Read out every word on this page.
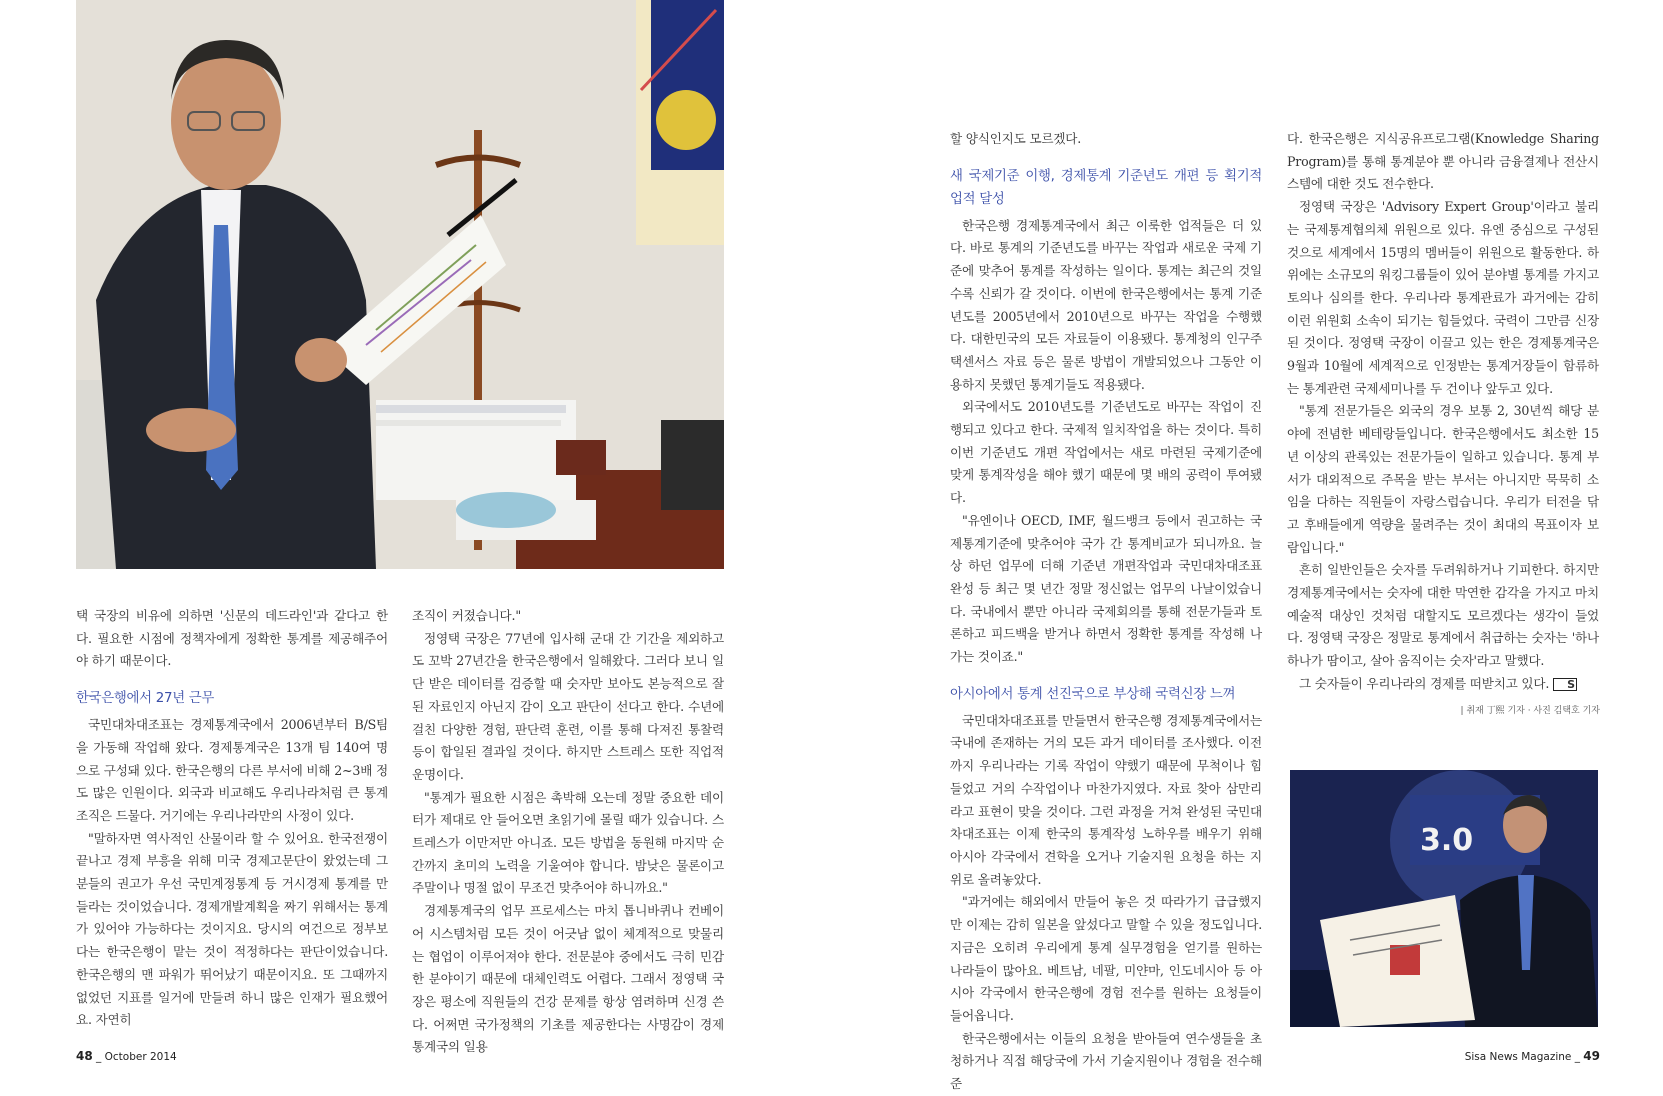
택 국장의 비유에 의하면 '신문의 데드라인'과 같다고 한다. 필요한 시점에 정책자에게 정확한 통계를 제공해주어야 하기 때문이다.

한국은행에서 27년 근무

국민대차대조표는 경제통계국에서 2006년부터 B/S팀을 가동해 작업해 왔다. 경제통계국은 13개 팀 140여 명으로 구성돼 있다. 한국은행의 다른 부서에 비해 2~3배 정도 많은 인원이다. 외국과 비교해도 우리나라처럼 큰 통계조직은 드물다. 거기에는 우리나라만의 사정이 있다.

"말하자면 역사적인 산물이라 할 수 있어요. 한국전쟁이 끝나고 경제 부흥을 위해 미국 경제고문단이 왔었는데 그분들의 권고가 우선 국민계정통계 등 거시경제 통계를 만들라는 것이었습니다. 경제개발계획을 짜기 위해서는 통계가 있어야 가능하다는 것이지요. 당시의 여건으로 정부보다는 한국은행이 맡는 것이 적정하다는 판단이었습니다. 한국은행의 맨 파워가 뛰어났기 때문이지요. 또 그때까지 없었던 지표를 일거에 만들려 하니 많은 인재가 필요했어요. 자연히

조직이 커졌습니다."

정영택 국장은 77년에 입사해 군대 간 기간을 제외하고도 꼬박 27년간을 한국은행에서 일해왔다. 그러다 보니 일단 받은 데이터를 검증할 때 숫자만 보아도 본능적으로 잘된 자료인지 아닌지 감이 오고 판단이 선다고 한다. 수년에 걸친 다양한 경험, 판단력 훈련, 이를 통해 다져진 통찰력 등이 합일된 결과일 것이다. 하지만 스트레스 또한 직업적 운명이다.

"통계가 필요한 시점은 촉박해 오는데 정말 중요한 데이터가 제대로 안 들어오면 초읽기에 몰릴 때가 있습니다. 스트레스가 이만저만 아니죠. 모든 방법을 동원해 마지막 순간까지 초미의 노력을 기울여야 합니다. 밤낮은 물론이고 주말이나 명절 없이 무조건 맞추어야 하니까요."

경제통계국의 업무 프로세스는 마치 톱니바퀴나 컨베이어 시스템처럼 모든 것이 어긋남 없이 체계적으로 맞물리는 협업이 이루어져야 한다. 전문분야 중에서도 극히 민감한 분야이기 때문에 대체인력도 어렵다. 그래서 정영택 국장은 평소에 직원들의 건강 문제를 항상 염려하며 신경 쓴다. 어쩌면 국가정책의 기초를 제공한다는 사명감이 경제통계국의 일용

할 양식인지도 모르겠다.

새 국제기준 이행, 경제통계 기준년도 개편 등 획기적 업적 달성

한국은행 경제통계국에서 최근 이룩한 업적들은 더 있다. 바로 통계의 기준년도를 바꾸는 작업과 새로운 국제 기준에 맞추어 통계를 작성하는 일이다. 통계는 최근의 것일수록 신뢰가 갈 것이다. 이번에 한국은행에서는 통계 기준년도를 2005년에서 2010년으로 바꾸는 작업을 수행했다. 대한민국의 모든 자료들이 이용됐다. 통계청의 인구주택센서스 자료 등은 물론 방법이 개발되었으나 그동안 이용하지 못했던 통계기들도 적용됐다.

외국에서도 2010년도를 기준년도로 바꾸는 작업이 진행되고 있다고 한다. 국제적 일치작업을 하는 것이다. 특히 이번 기준년도 개편 작업에서는 새로 마련된 국제기준에 맞게 통계작성을 해야 했기 때문에 몇 배의 공력이 투여됐다.

"유엔이나 OECD, IMF, 월드뱅크 등에서 권고하는 국제통계기준에 맞추어야 국가 간 통계비교가 되니까요. 늘상 하던 업무에 더해 기준년 개편작업과 국민대차대조표 완성 등 최근 몇 년간 정말 정신없는 업무의 나날이었습니다. 국내에서 뿐만 아니라 국제회의를 통해 전문가들과 토론하고 피드백을 받거나 하면서 정확한 통계를 작성해 나가는 것이죠."

아시아에서 통계 선진국으로 부상해 국력신장 느껴

국민대차대조표를 만들면서 한국은행 경제통계국에서는 국내에 존재하는 거의 모든 과거 데이터를 조사했다. 이전까지 우리나라는 기록 작업이 약했기 때문에 무척이나 힘들었고 거의 수작업이나 마찬가지였다. 자료 찾아 삼만리라고 표현이 맞을 것이다. 그런 과정을 거쳐 완성된 국민대차대조표는 이제 한국의 통계작성 노하우를 배우기 위해 아시아 각국에서 견학을 오거나 기술지원 요청을 하는 지위로 올려놓았다.

"과거에는 해외에서 만들어 놓은 것 따라가기 급급했지만 이제는 감히 일본을 앞섰다고 말할 수 있을 정도입니다. 지금은 오히려 우리에게 통계 실무경험을 얻기를 원하는 나라들이 많아요. 베트남, 네팔, 미얀마, 인도네시아 등 아시아 각국에서 한국은행에 경험 전수를 원하는 요청들이 들어옵니다.

한국은행에서는 이들의 요청을 받아들여 연수생들을 초청하거나 직접 해당국에 가서 기술지원이나 경험을 전수해 준

다. 한국은행은 지식공유프로그램(Knowledge Sharing Program)를 통해 통계분야 뿐 아니라 금융결제나 전산시스템에 대한 것도 전수한다.

정영택 국장은 'Advisory Expert Group'이라고 불리는 국제통계협의체 위원으로 있다. 유엔 중심으로 구성된 것으로 세계에서 15명의 멤버들이 위원으로 활동한다. 하위에는 소규모의 워킹그룹들이 있어 분야별 통계를 가지고 토의나 심의를 한다. 우리나라 통계관료가 과거에는 감히 이런 위원회 소속이 되기는 힘들었다. 국력이 그만큼 신장된 것이다. 정영택 국장이 이끌고 있는 한은 경제통계국은 9월과 10월에 세계적으로 인정받는 통계거장들이 함류하는 통계관련 국제세미나를 두 건이나 앞두고 있다.

"통계 전문가들은 외국의 경우 보통 2, 30년씩 해당 분야에 전념한 베테랑들입니다. 한국은행에서도 최소한 15년 이상의 관록있는 전문가들이 일하고 있습니다. 통계 부서가 대외적으로 주목을 받는 부서는 아니지만 묵묵히 소임을 다하는 직원들이 자랑스럽습니다. 우리가 터전을 닦고 후배들에게 역량을 물려주는 것이 최대의 목표이자 보람입니다."

흔히 일반인들은 숫자를 두려워하거나 기피한다. 하지만 경제통계국에서는 숫자에 대한 막연한 감각을 가지고 마치 예술적 대상인 것처럼 대할지도 모르겠다는 생각이 들었다. 정영택 국장은 정말로 통계에서 취급하는 숫자는 '하나하나가 땀이고, 살아 움직이는 숫자'라고 말했다.

그 숫자들이 우리나라의 경제를 떠받치고 있다. S

| 취재 丁熙 기자 · 사진 김택호 기자
3.0
48 _ October 2014	Sisa News Magazine _ 49
